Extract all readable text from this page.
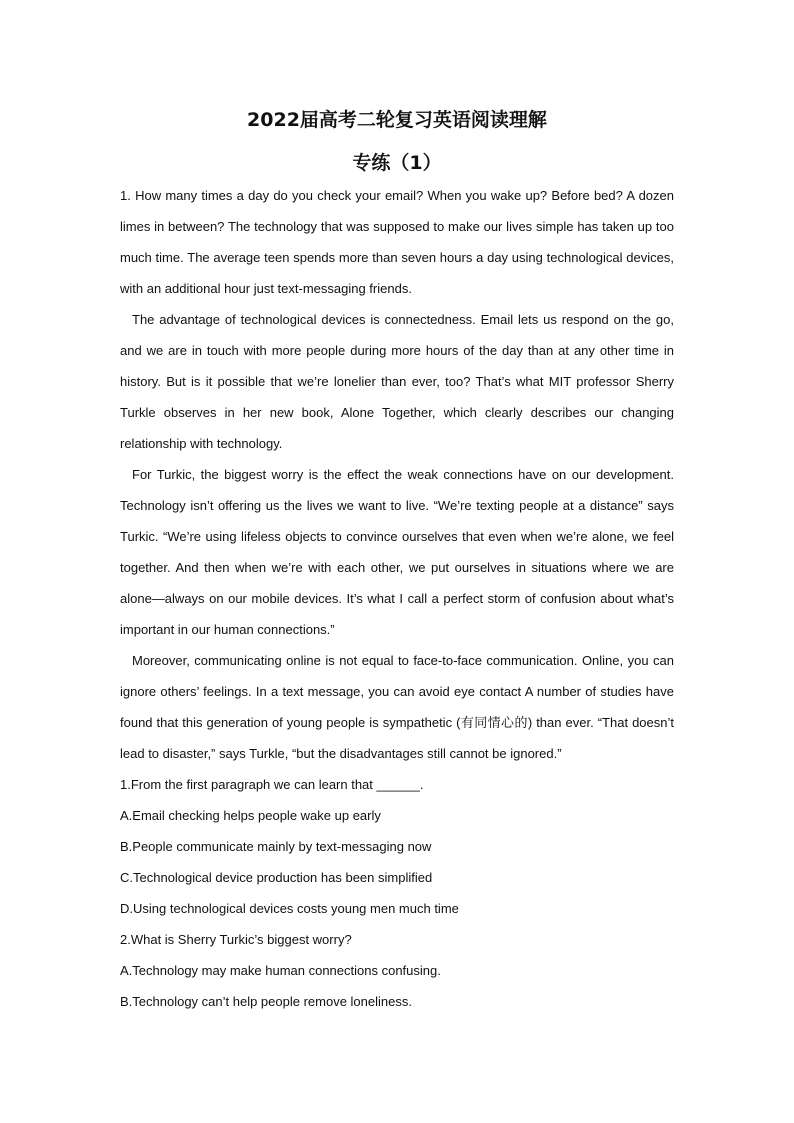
2022届高考二轮复习英语阅读理解
专练（1）

1. How many times a day do you check your email? When you wake up? Before bed? A dozen limes in between? The technology that was supposed to make our lives simple has taken up too much time. The average teen spends more than seven hours a day using technological devices, with an additional hour just text-messaging friends.

The advantage of technological devices is connectedness. Email lets us respond on the go, and we are in touch with more people during more hours of the day than at any other time in history. But is it possible that we’re lonelier than ever, too? That’s what MIT professor Sherry Turkle observes in her new book, Alone Together, which clearly describes our changing relationship with technology.

For Turkic, the biggest worry is the effect the weak connections have on our development. Technology isn’t offering us the lives we want to live. “We’re texting people at a distance” says Turkic. “We’re using lifeless objects to convince ourselves that even when we’re alone, we feel together. And then when we’re with each other, we put ourselves in situations where we are alone—always on our mobile devices. It’s what I call a perfect storm of confusion about what’s important in our human connections.”

Moreover, communicating online is not equal to face-to-face communication. Online, you can ignore others’ feelings. In a text message, you can avoid eye contact A number of studies have found that this generation of young people is sympathetic (有同情心的) than ever. “That doesn’t lead to disaster,” says Turkle, “but the disadvantages still cannot be ignored.”

1.From the first paragraph we can learn that ______.

A.Email checking helps people wake up early

B.People communicate mainly by text-messaging now

C.Technological device production has been simplified

D.Using technological devices costs young men much time

2.What is Sherry Turkic’s biggest worry?

A.Technology may make human connections confusing.

B.Technology can’t help people remove loneliness.
